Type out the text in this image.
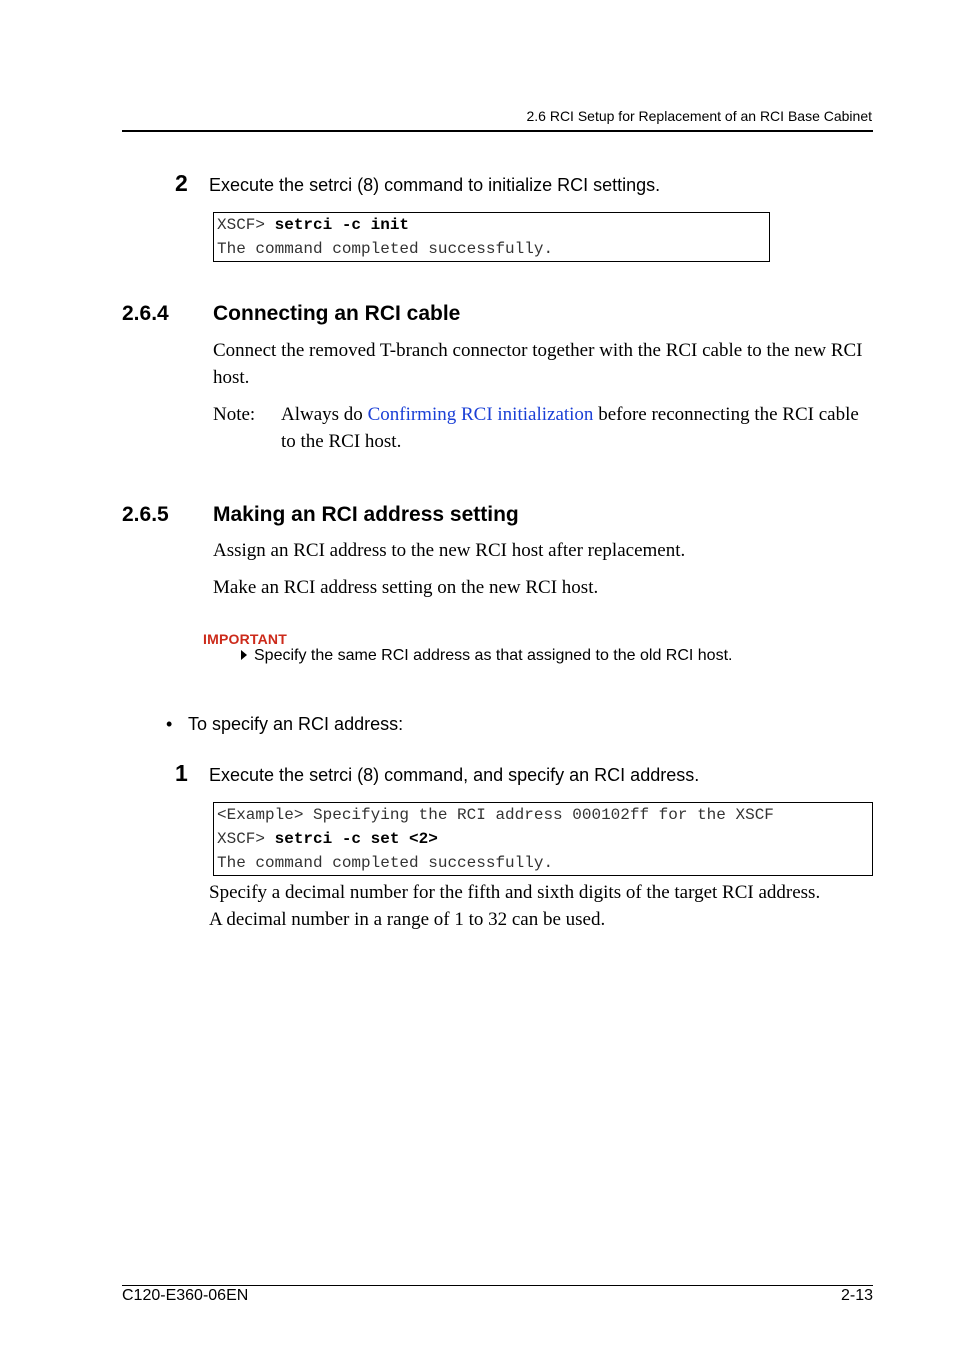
2.6 RCI Setup for Replacement of an RCI Base Cabinet
2 Execute the setrci (8) command to initialize RCI settings.
XSCF> setrci -c init
The command completed successfully.
2.6.4 Connecting an RCI cable
Connect the removed T-branch connector together with the RCI cable to the new RCI host.
Note: Always do Confirming RCI initialization before reconnecting the RCI cable to the RCI host.
2.6.5 Making an RCI address setting
Assign an RCI address to the new RCI host after replacement.
Make an RCI address setting on the new RCI host.
IMPORTANT
Specify the same RCI address as that assigned to the old RCI host.
• To specify an RCI address:
1 Execute the setrci (8) command, and specify an RCI address.
<Example> Specifying the RCI address 000102ff for the XSCF
XSCF> setrci -c set <2>
The command completed successfully.
Specify a decimal number for the fifth and sixth digits of the target RCI address.
A decimal number in a range of 1 to 32 can be used.
C120-E360-06EN	2-13
